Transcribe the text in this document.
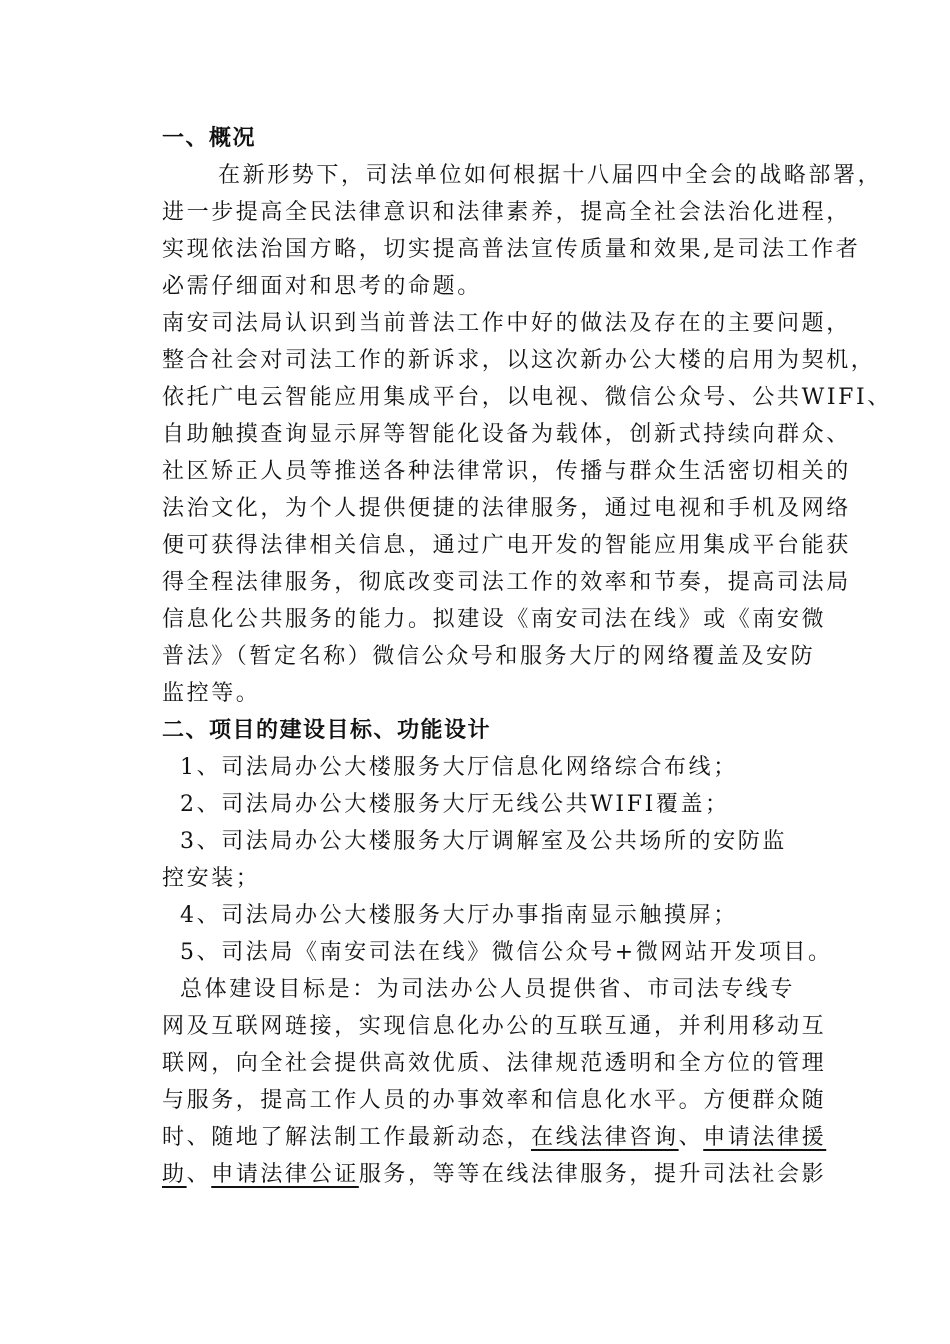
一、概况
在新形势下，司法单位如何根据十八届四中全会的战略部署，
进一步提高全民法律意识和法律素养，提高全社会法治化进程，
实现依法治国方略，切实提高普法宣传质量和效果,是司法工作者
必需仔细面对和思考的命题。
南安司法局认识到当前普法工作中好的做法及存在的主要问题，
整合社会对司法工作的新诉求，以这次新办公大楼的启用为契机，
依托广电云智能应用集成平台，以电视、微信公众号、公共WIFI、
自助触摸查询显示屏等智能化设备为载体，创新式持续向群众、
社区矫正人员等推送各种法律常识，传播与群众生活密切相关的
法治文化，为个人提供便捷的法律服务，通过电视和手机及网络
便可获得法律相关信息，通过广电开发的智能应用集成平台能获
得全程法律服务，彻底改变司法工作的效率和节奏，提高司法局
信息化公共服务的能力。拟建设《南安司法在线》或《南安微
普法》（暂定名称）微信公众号和服务大厅的网络覆盖及安防
监控等。
二、项目的建设目标、功能设计
1、司法局办公大楼服务大厅信息化网络综合布线；
2、司法局办公大楼服务大厅无线公共WIFI覆盖；
3、司法局办公大楼服务大厅调解室及公共场所的安防监
控安装；
4、司法局办公大楼服务大厅办事指南显示触摸屏；
5、司法局《南安司法在线》微信公众号+微网站开发项目。
总体建设目标是：为司法办公人员提供省、市司法专线专
网及互联网琏接，实现信息化办公的互联互通，并利用移动互
联网，向全社会提供高效优质、法律规范透明和全方位的管理
与服务，提高工作人员的办事效率和信息化水平。方便群众随
时、随地了解法制工作最新动态，在线法律咨询、申请法律援
助、申请法律公证服务，等等在线法律服务，提升司法社会影
